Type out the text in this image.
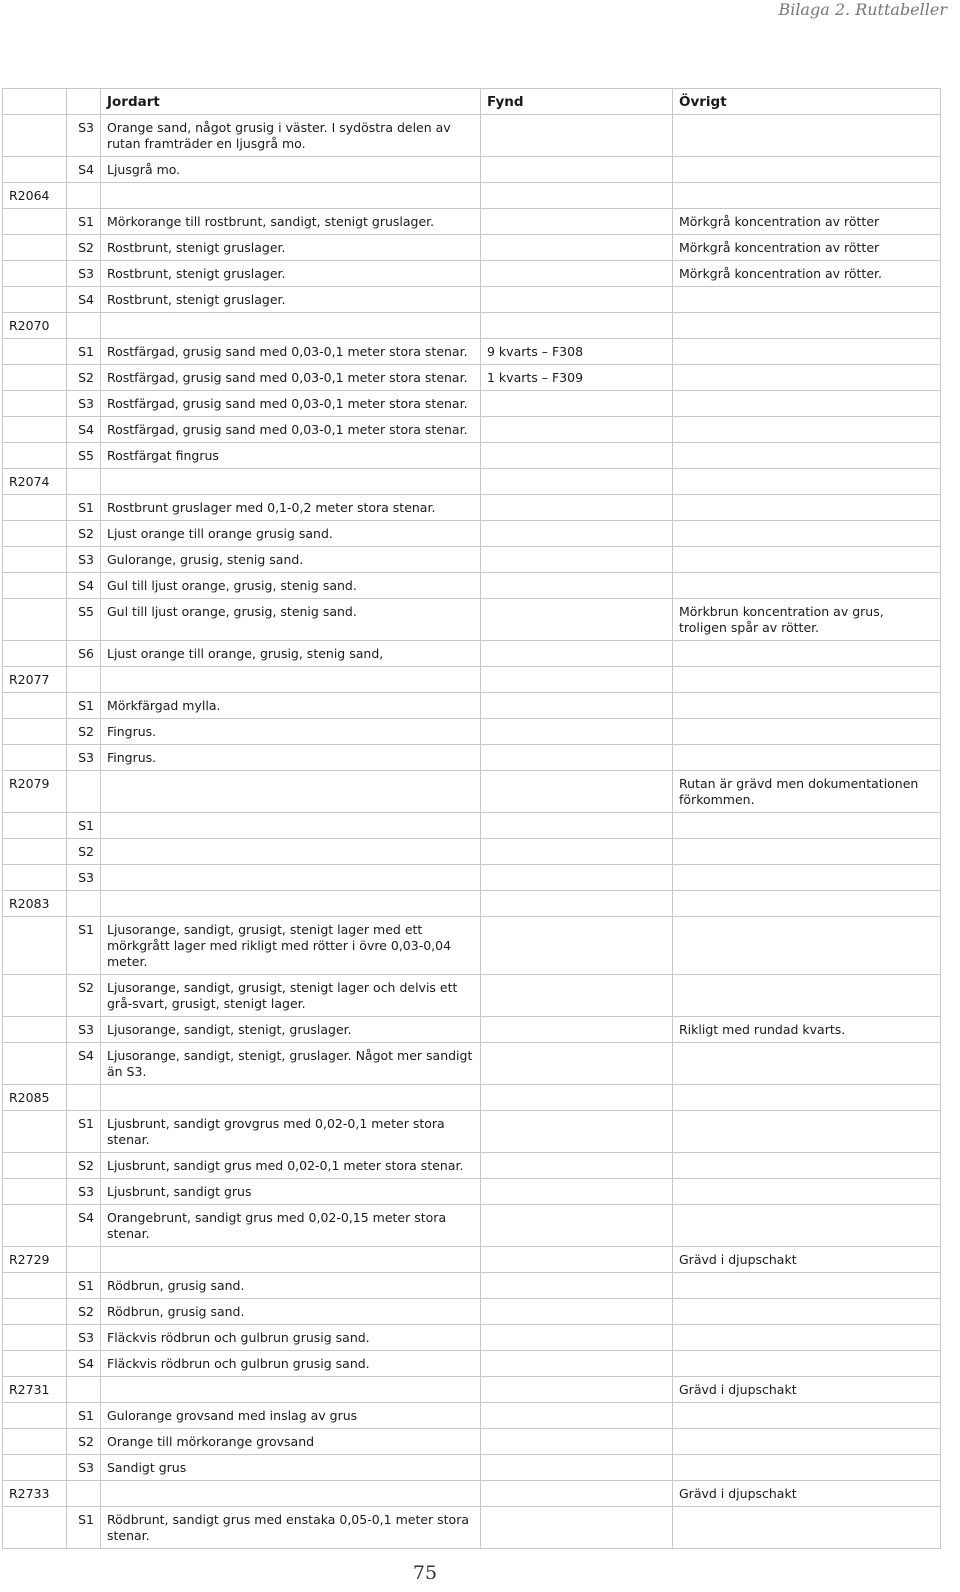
Bilaga 2. Ruttabeller
		Jordart	Fynd	Övrigt
	S3	Orange sand, något grusig i väster. I sydöstra delen av rutan framträder en ljusgrå mo.		
	S4	Ljusgrå mo.		
R2064				
	S1	Mörkorange till rostbrunt, sandigt, stenigt gruslager.		Mörkgrå koncentration av rötter
	S2	Rostbrunt, stenigt gruslager.		Mörkgrå koncentration av rötter
	S3	Rostbrunt, stenigt gruslager.		Mörkgrå koncentration av rötter.
	S4	Rostbrunt, stenigt gruslager.		
R2070				
	S1	Rostfärgad, grusig sand med 0,03-0,1 meter stora stenar.	9 kvarts – F308	
	S2	Rostfärgad, grusig sand med 0,03-0,1 meter stora stenar.	1 kvarts – F309	
	S3	Rostfärgad, grusig sand med 0,03-0,1 meter stora stenar.		
	S4	Rostfärgad, grusig sand med 0,03-0,1 meter stora stenar.		
	S5	Rostfärgat fingrus		
R2074				
	S1	Rostbrunt gruslager med 0,1-0,2 meter stora stenar.		
	S2	Ljust orange till orange grusig sand.		
	S3	Gulorange, grusig, stenig sand.		
	S4	Gul till ljust orange, grusig, stenig sand.		
	S5	Gul till ljust orange, grusig, stenig sand.		Mörkbrun koncentration av grus, troligen spår av rötter.
	S6	Ljust orange till orange, grusig, stenig sand,		
R2077				
	S1	Mörkfärgad mylla.		
	S2	Fingrus.		
	S3	Fingrus.		
R2079				Rutan är grävd men dokumentationen förkommen.
	S1			
	S2			
	S3			
R2083				
	S1	Ljusorange, sandigt, grusigt, stenigt lager med ett mörkgrått lager med rikligt med rötter i övre 0,03-0,04 meter.		
	S2	Ljusorange, sandigt, grusigt, stenigt lager och delvis ett grå-svart, grusigt, stenigt lager.		
	S3	Ljusorange, sandigt, stenigt, gruslager.		Rikligt med rundad kvarts.
	S4	Ljusorange, sandigt, stenigt, gruslager. Något mer sandigt än S3.		
R2085				
	S1	Ljusbrunt, sandigt grovgrus med 0,02-0,1 meter stora stenar.		
	S2	Ljusbrunt, sandigt grus med 0,02-0,1 meter stora stenar.		
	S3	Ljusbrunt, sandigt grus		
	S4	Orangebrunt, sandigt grus med 0,02-0,15 meter stora stenar.		
R2729				Grävd i djupschakt
	S1	Rödbrun, grusig sand.		
	S2	Rödbrun, grusig sand.		
	S3	Fläckvis rödbrun och gulbrun grusig sand.		
	S4	Fläckvis rödbrun och gulbrun grusig sand.		
R2731				Grävd i djupschakt
	S1	Gulorange grovsand med inslag av grus		
	S2	Orange till mörkorange grovsand		
	S3	Sandigt grus		
R2733				Grävd i djupschakt
	S1	Rödbrunt, sandigt grus med enstaka 0,05-0,1 meter stora stenar.		
75
